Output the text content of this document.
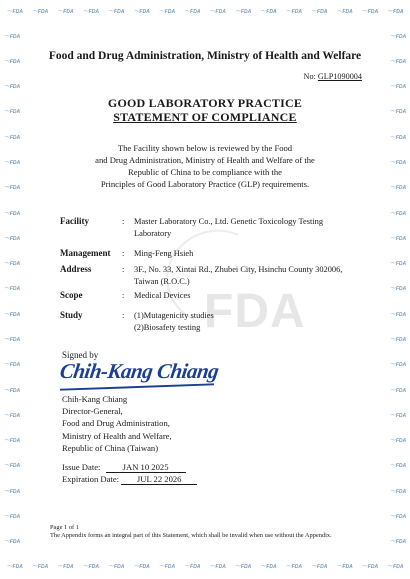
〜 FDA	〜 FDA	〜 FDA	〜 FDA	〜 FDA	〜 FDA	〜 FDA	〜 FDA	〜 FDA	〜 FDA	〜 FDA	〜 FDA	〜 FDA	〜 FDA	〜 FDA	〜 FDA
〜 FDA	〜 FDA	〜 FDA	〜 FDA	〜 FDA	〜 FDA	〜 FDA	〜 FDA	〜 FDA	〜 FDA	〜 FDA	〜 FDA	〜 FDA	〜 FDA	〜 FDA	〜 FDA
〜 FDA
〜 FDA
〜 FDA
〜 FDA
〜 FDA
〜 FDA
〜 FDA
〜 FDA
〜 FDA
〜 FDA
〜 FDA
〜 FDA
〜 FDA
〜 FDA
〜 FDA
〜 FDA
〜 FDA
〜 FDA
〜 FDA
〜 FDA
〜 FDA
〜 FDA
〜 FDA
〜 FDA
〜 FDA
〜 FDA
〜 FDA
〜 FDA
〜 FDA
〜 FDA
〜 FDA
〜 FDA
〜 FDA
〜 FDA
〜 FDA
〜 FDA
〜 FDA
〜 FDA
〜 FDA
〜 FDA
〜 FDA
〜 FDA
FDA
Food and Drug Administration, Ministry of Health and Welfare
No: GLP1090004
GOOD LABORATORY PRACTICE
STATEMENT OF COMPLIANCE
The Facility shown below is reviewed by the Food
and Drug Administration, Ministry of Health and Welfare of the
Republic of China to be compliance with the
Principles of Good Laboratory Practice (GLP) requirements.
Facility	: Master Laboratory Co., Ltd. Genetic Toxicology Testing Laboratory
Management : Ming-Feng Hsieh
Address	: 3F., No. 33, Xintai Rd., Zhubei City, Hsinchu County 302006, Taiwan (R.O.C.)
Scope	: Medical Devices
Study	: (1)Mutagenicity studies
(2)Biosafety testing
Signed by
Chih-Kang Chiang
Chih-Kang Chiang
Director-General,
Food and Drug Administration,
Ministry of Health and Welfare,
Republic of China (Taiwan)
Issue Date:	JAN 10 2025
Expiration Date: JUL 22 2026
Page 1 of 1
The Appendix forms an integral part of this Statement, which shall be invalid when use without the Appendix.
